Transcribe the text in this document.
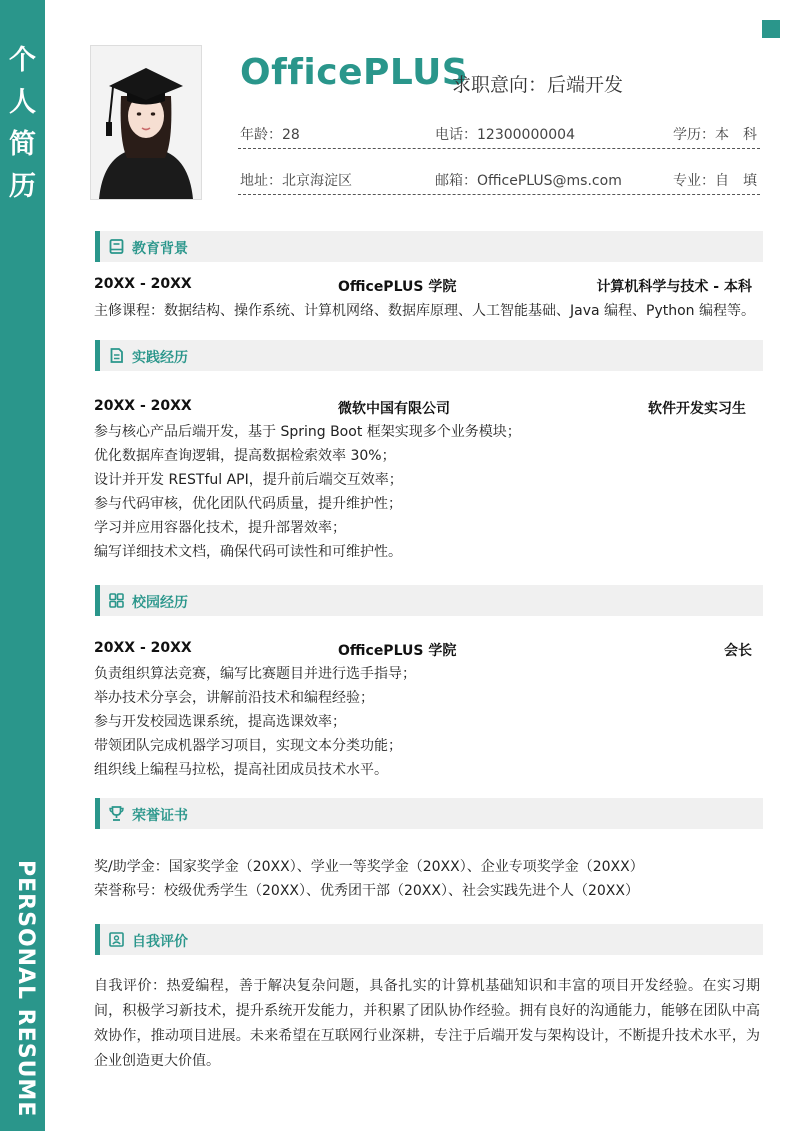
个
人
简
历
PERSONAL RESUME
OfficePLUS
求职意向：后端开发
年龄：28	电话：12300000004	学历：本　科
地址：北京海淀区	邮箱：OfficePLUS@ms.com	专业：自　填
教育背景
20XX - 20XX	OfficePLUS 学院	计算机科学与技术 - 本科
主修课程：数据结构、操作系统、计算机网络、数据库原理、人工智能基础、Java 编程、Python 编程等。
实践经历
20XX - 20XX	微软中国有限公司	软件开发实习生
参与核心产品后端开发，基于 Spring Boot 框架实现多个业务模块；
优化数据库查询逻辑，提高数据检索效率 30%；
设计并开发 RESTful API，提升前后端交互效率；
参与代码审核，优化团队代码质量，提升维护性；
学习并应用容器化技术，提升部署效率；
编写详细技术文档，确保代码可读性和可维护性。
校园经历
20XX - 20XX	OfficePLUS 学院	会长
负责组织算法竞赛，编写比赛题目并进行选手指导；
举办技术分享会，讲解前沿技术和编程经验；
参与开发校园选课系统，提高选课效率；
带领团队完成机器学习项目，实现文本分类功能；
组织线上编程马拉松，提高社团成员技术水平。
荣誉证书
奖/助学金：国家奖学金（20XX）、学业一等奖学金（20XX）、企业专项奖学金（20XX）
荣誉称号：校级优秀学生（20XX）、优秀团干部（20XX）、社会实践先进个人（20XX）
自我评价
自我评价：热爱编程，善于解决复杂问题，具备扎实的计算机基础知识和丰富的项目开发经验。在实习期间，积极学习新技术，提升系统开发能力，并积累了团队协作经验。拥有良好的沟通能力，能够在团队中高效协作，推动项目进展。未来希望在互联网行业深耕，专注于后端开发与架构设计，不断提升技术水平，为企业创造更大价值。
